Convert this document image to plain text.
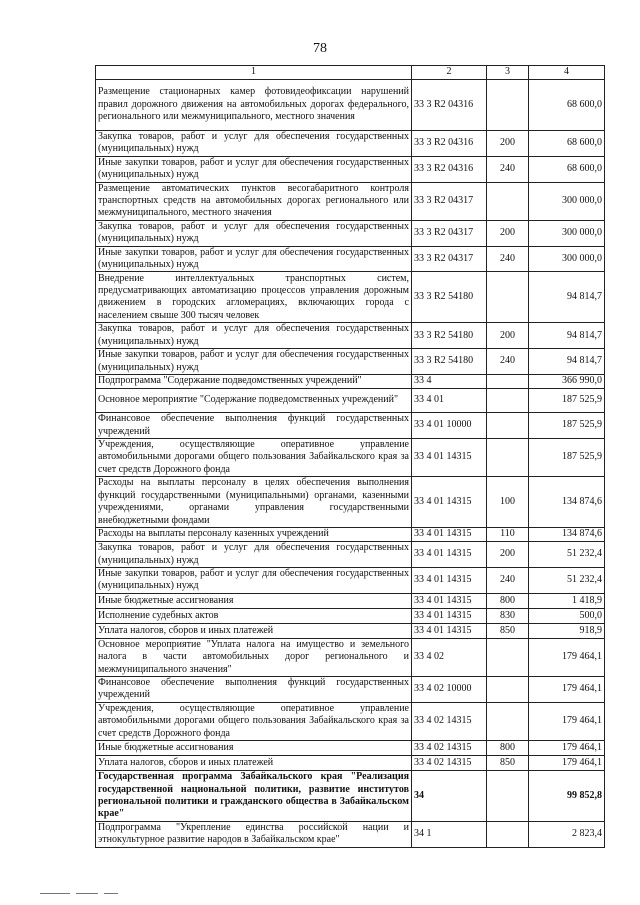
78
1	2	3	4
Размещение стационарных камер фотовидеофиксации нарушений правил дорожного движения на автомобильных дорогах федерального, регионального или межмуниципального, местного значения	33 3 R2 04316		68 600,0
Закупка товаров, работ и услуг для обеспечения государственных (муниципальных) нужд	33 3 R2 04316	200	68 600,0
Иные закупки товаров, работ и услуг для обеспечения государственных (муниципальных) нужд	33 3 R2 04316	240	68 600,0
Размещение автоматических пунктов весогабаритного контроля транспортных средств на автомобильных дорогах регионального или межмуниципального, местного значения	33 3 R2 04317		300 000,0
Закупка товаров, работ и услуг для обеспечения государственных (муниципальных) нужд	33 3 R2 04317	200	300 000,0
Иные закупки товаров, работ и услуг для обеспечения государственных (муниципальных) нужд	33 3 R2 04317	240	300 000,0
Внедрение интеллектуальных транспортных систем, предусматривающих автоматизацию процессов управления дорожным движением в городских агломерациях, включающих города с населением свыше 300 тысяч человек	33 3 R2 54180		94 814,7
Закупка товаров, работ и услуг для обеспечения государственных (муниципальных) нужд	33 3 R2 54180	200	94 814,7
Иные закупки товаров, работ и услуг для обеспечения государственных (муниципальных) нужд	33 3 R2 54180	240	94 814,7
Подпрограмма "Содержание подведомственных учреждений"	33 4		366 990,0
Основное мероприятие "Содержание подведомственных учреждений"	33 4 01		187 525,9
Финансовое обеспечение выполнения функций государственных учреждений	33 4 01 10000		187 525,9
Учреждения, осуществляющие оперативное управление автомобильными дорогами общего пользования Забайкальского края за счет средств Дорожного фонда	33 4 01 14315		187 525,9
Расходы на выплаты персоналу в целях обеспечения выполнения функций государственными (муниципальными) органами, казенными учреждениями, органами управления государственными внебюджетными фондами	33 4 01 14315	100	134 874,6
Расходы на выплаты персоналу казенных учреждений	33 4 01 14315	110	134 874,6
Закупка товаров, работ и услуг для обеспечения государственных (муниципальных) нужд	33 4 01 14315	200	51 232,4
Иные закупки товаров, работ и услуг для обеспечения государственных (муниципальных) нужд	33 4 01 14315	240	51 232,4
Иные бюджетные ассигнования	33 4 01 14315	800	1 418,9
Исполнение судебных актов	33 4 01 14315	830	500,0
Уплата налогов, сборов и иных платежей	33 4 01 14315	850	918,9
Основное мероприятие "Уплата налога на имущество и земельного налога в части автомобильных дорог регионального и межмуниципального значения"	33 4 02		179 464,1
Финансовое обеспечение выполнения функций государственных учреждений	33 4 02 10000		179 464,1
Учреждения, осуществляющие оперативное управление автомобильными дорогами общего пользования Забайкальского края за счет средств Дорожного фонда	33 4 02 14315		179 464,1
Иные бюджетные ассигнования	33 4 02 14315	800	179 464,1
Уплата налогов, сборов и иных платежей	33 4 02 14315	850	179 464,1
Государственная программа Забайкальского края "Реализация государственной национальной политики, развитие институтов региональной политики и гражданского общества в Забайкальском крае"	34		99 852,8
Подпрограмма "Укрепление единства российской нации и этнокультурное развитие народов в Забайкальском крае"	34 1		2 823,4
